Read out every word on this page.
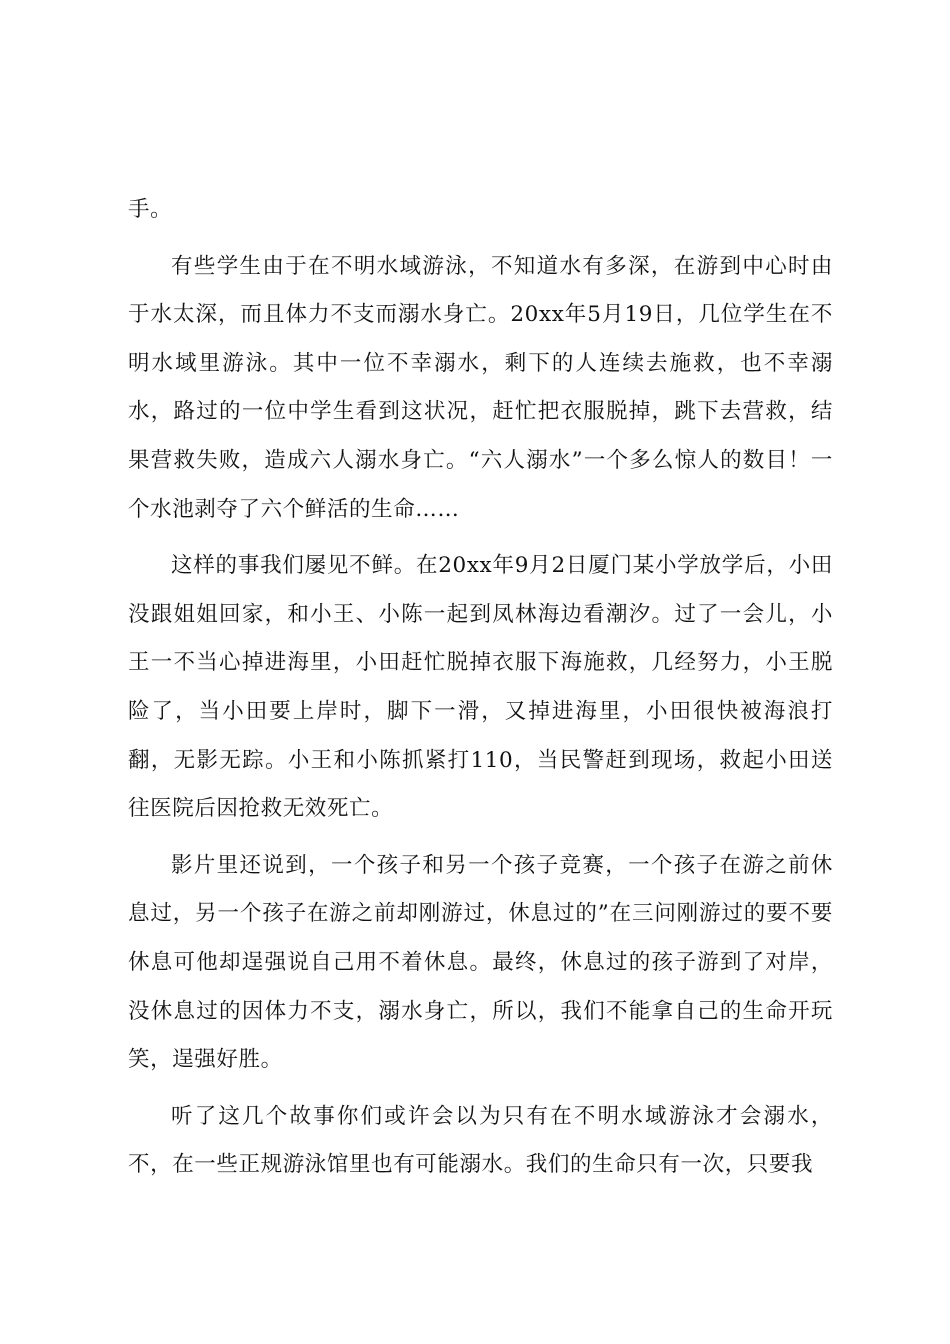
手。

有些学生由于在不明水域游泳，不知道水有多深，在游到中心时由于水太深，而且体力不支而溺水身亡。20xx年5月19日，几位学生在不明水域里游泳。其中一位不幸溺水，剩下的人连续去施救，也不幸溺水，路过的一位中学生看到这状况，赶忙把衣服脱掉，跳下去营救，结果营救失败，造成六人溺水身亡。“六人溺水”一个多么惊人的数目！一个水池剥夺了六个鲜活的生命……

这样的事我们屡见不鲜。在20xx年9月2日厦门某小学放学后，小田没跟姐姐回家，和小王、小陈一起到凤林海边看潮汐。过了一会儿，小王一不当心掉进海里，小田赶忙脱掉衣服下海施救，几经努力，小王脱险了，当小田要上岸时，脚下一滑，又掉进海里，小田很快被海浪打翻，无影无踪。小王和小陈抓紧打110，当民警赶到现场，救起小田送往医院后因抢救无效死亡。

影片里还说到，一个孩子和另一个孩子竞赛，一个孩子在游之前休息过，另一个孩子在游之前却刚游过，休息过的”在三问刚游过的要不要休息可他却逞强说自己用不着休息。最终，休息过的孩子游到了对岸，没休息过的因体力不支，溺水身亡，所以，我们不能拿自己的生命开玩笑，逞强好胜。

听了这几个故事你们或许会以为只有在不明水域游泳才会溺水，不，在一些正规游泳馆里也有可能溺水。我们的生命只有一次，只要我
